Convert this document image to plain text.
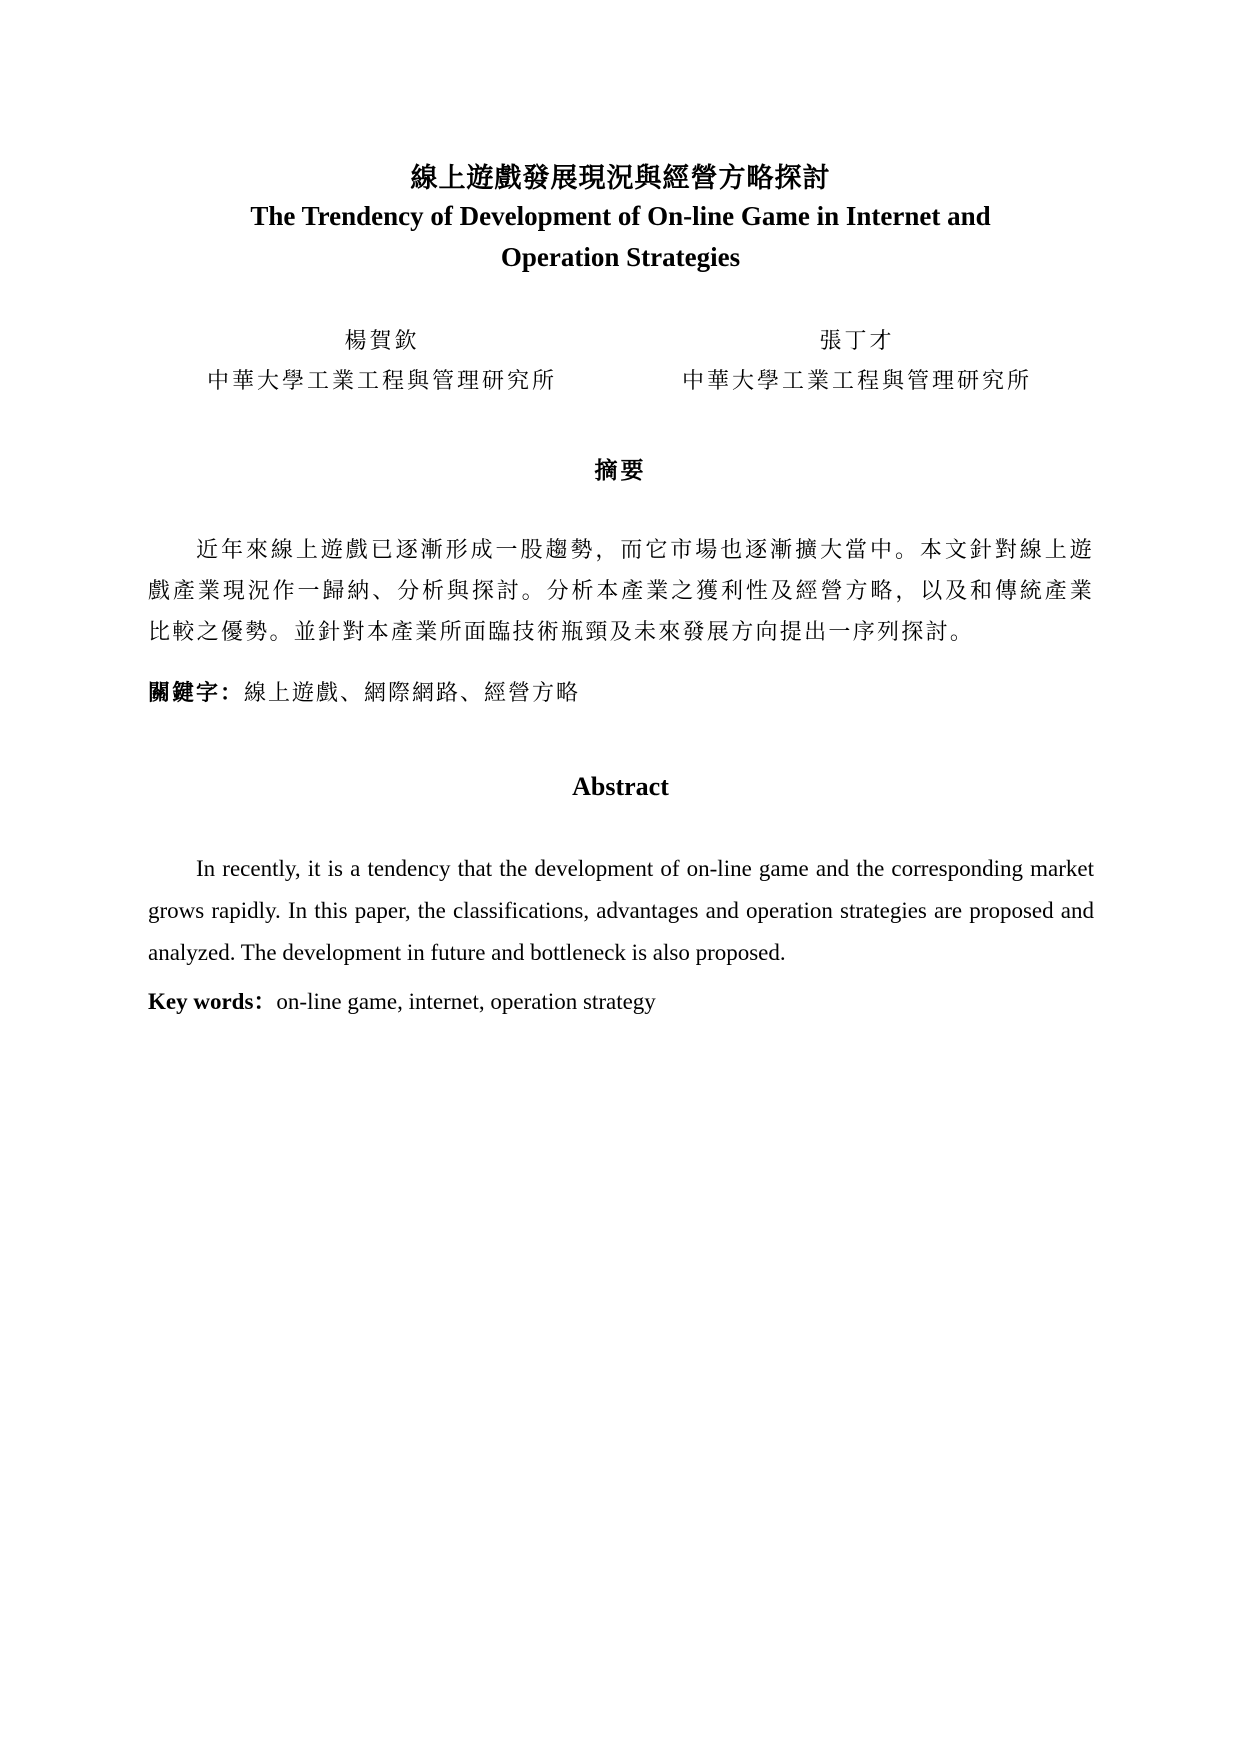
線上遊戲發展現況與經營方略探討
The Trendency of Development of On-line Game in Internet and Operation Strategies
楊賀欽
中華大學工業工程與管理研究所
張丁才
中華大學工業工程與管理研究所
摘要

近年來線上遊戲已逐漸形成一股趨勢，而它市場也逐漸擴大當中。本文針對線上遊戲產業現況作一歸納、分析與探討。分析本產業之獲利性及經營方略，以及和傳統產業比較之優勢。並針對本產業所面臨技術瓶頸及未來發展方向提出一序列探討。

關鍵字：線上遊戲、網際網路、經營方略

Abstract

In recently, it is a tendency that the development of on-line game and the corresponding market grows rapidly. In this paper, the classifications, advantages and operation strategies are proposed and analyzed. The development in future and bottleneck is also proposed.

Key words：on-line game, internet, operation strategy
